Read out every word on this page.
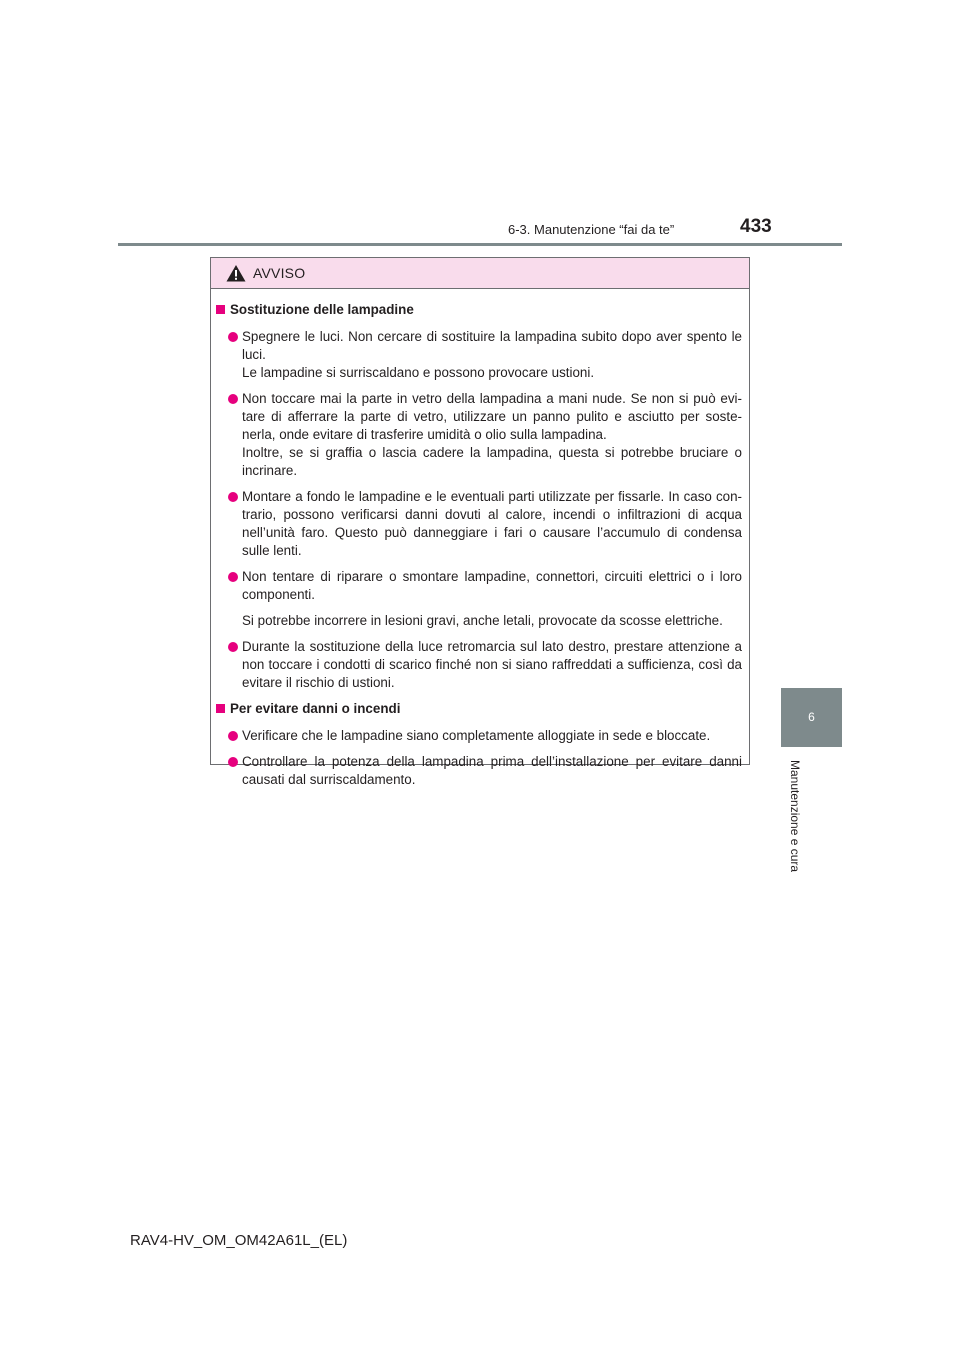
6-3. Manutenzione “fai da te”	433
6
Manutenzione e cura
AVVISO
Sostituzione delle lampadine

Spegnere le luci. Non cercare di sostituire la lampadina subito dopo aver spento le luci.

Le lampadine si surriscaldano e possono provocare ustioni.

Non toccare mai la parte in vetro della lampadina a mani nude. Se non si può evi-tare di afferrare la parte di vetro, utilizzare un panno pulito e asciutto per soste-nerla, onde evitare di trasferire umidità o olio sulla lampadina.

Inoltre, se si graffia o lascia cadere la lampadina, questa si potrebbe bruciare o incrinare.

Montare a fondo le lampadine e le eventuali parti utilizzate per fissarle. In caso con-trario, possono verificarsi danni dovuti al calore, incendi o infiltrazioni di acqua nell’unità faro. Questo può danneggiare i fari o causare l’accumulo di condensa sulle lenti.

Non tentare di riparare o smontare lampadine, connettori, circuiti elettrici o i loro componenti.

Si potrebbe incorrere in lesioni gravi, anche letali, provocate da scosse elettriche.

Durante la sostituzione della luce retromarcia sul lato destro, prestare attenzione a non toccare i condotti di scarico finché non si siano raffreddati a sufficienza, così da evitare il rischio di ustioni.

Per evitare danni o incendi

Verificare che le lampadine siano completamente alloggiate in sede e bloccate.

Controllare la potenza della lampadina prima dell’installazione per evitare danni causati dal surriscaldamento.

RAV4-HV_OM_OM42A61L_(EL)
